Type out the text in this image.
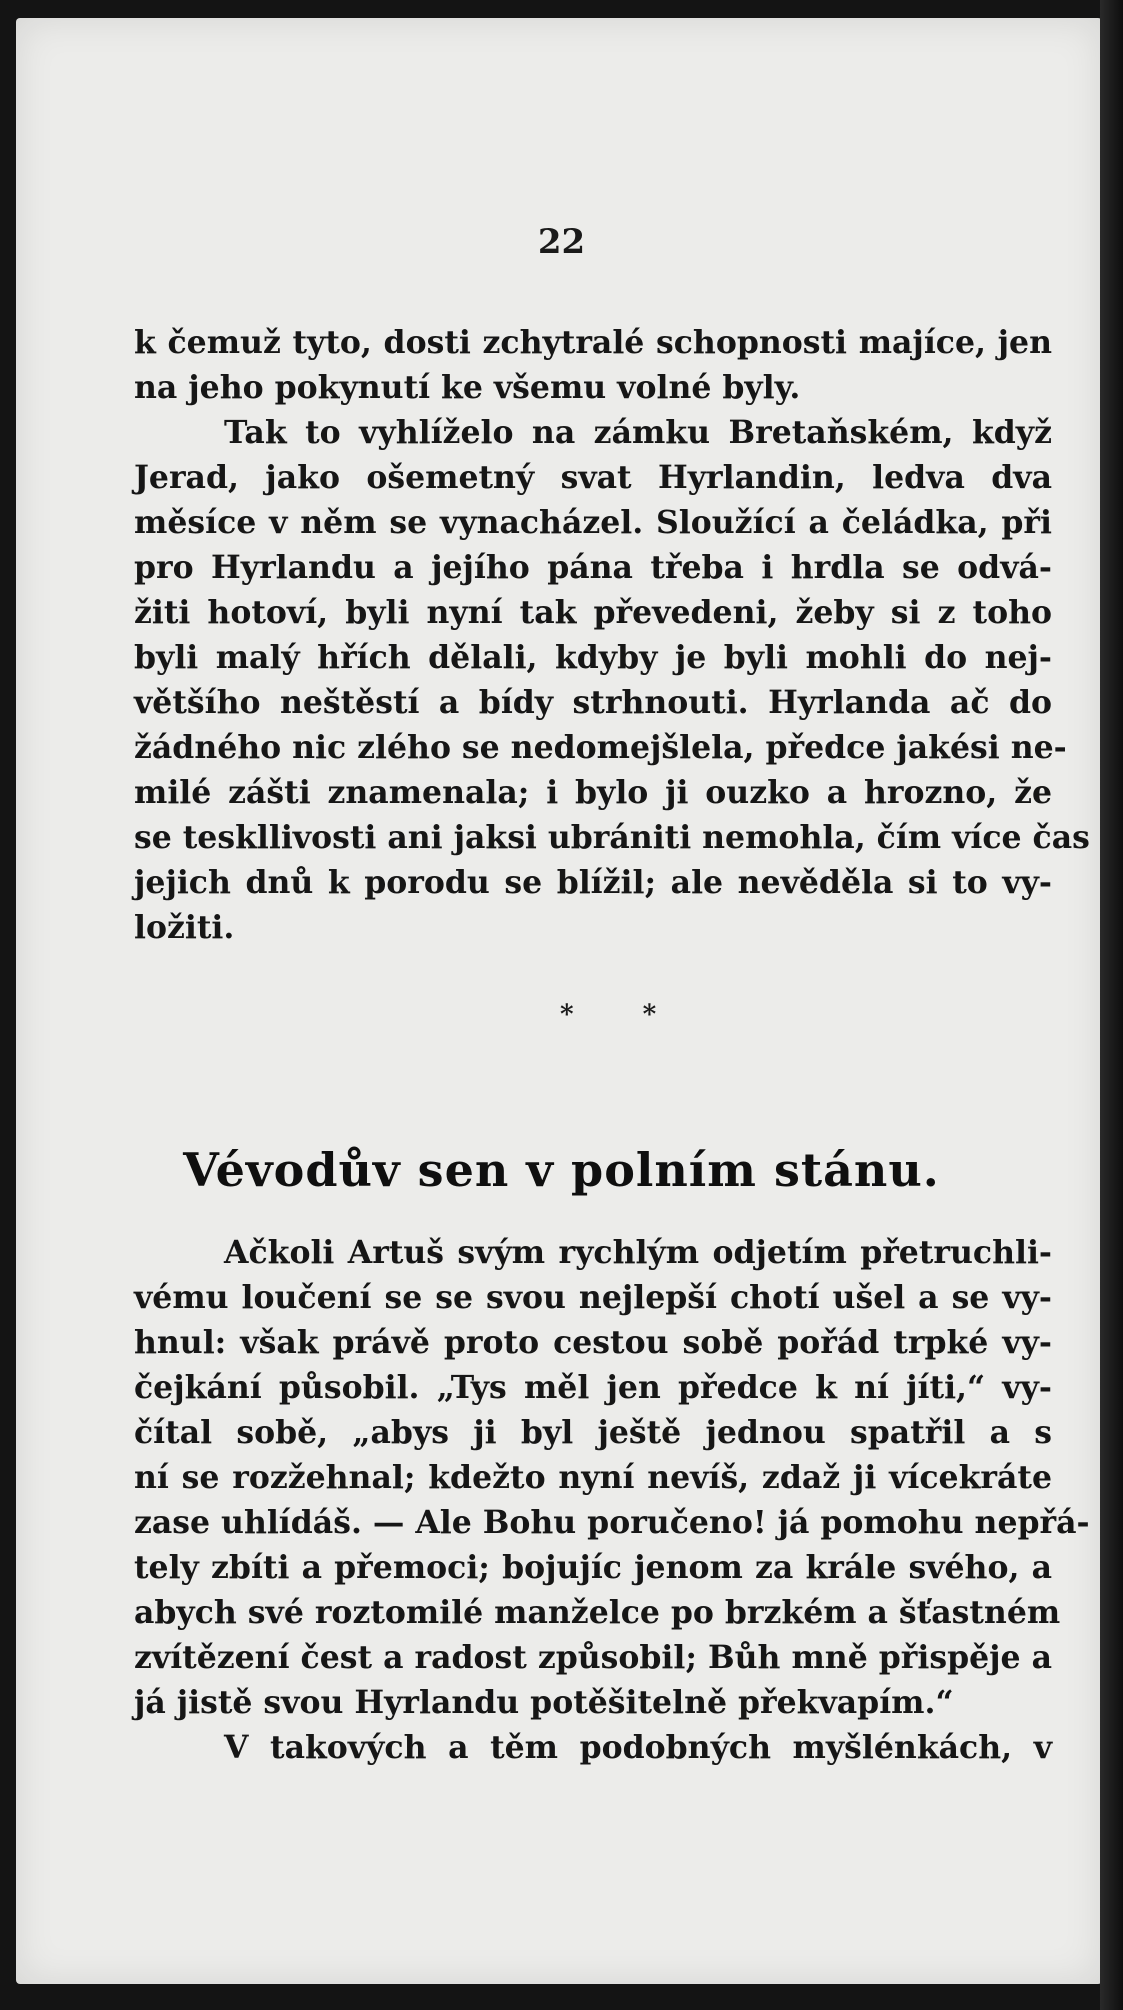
22
k čemuž tyto, dosti zchytralé schopnosti majíce, jen
na jeho pokynutí ke všemu volné byly.
Tak to vyhlíželo na zámku Bretaňském, když
Jerad, jako ošemetný svat Hyrlandin, ledva dva
měsíce v něm se vynacházel. Sloužící a čeládka, při
pro Hyrlandu a jejího pána třeba i hrdla se odvá-
žiti hotoví, byli nyní tak převedeni, žeby si z toho
byli malý hřích dělali, kdyby je byli mohli do nej-
většího neštěstí a bídy strhnouti. Hyrlanda ač do
žádného nic zlého se nedomejšlela, předce jakési ne-
milé zášti znamenala; i bylo ji ouzko a hrozno, že
se teskllivosti ani jaksi ubrániti nemohla, čím více čas
jejich dnů k porodu se blížil; ale nevěděla si to vy-
ložiti.
* *
Vévodův sen v polním stánu.
Ačkoli Artuš svým rychlým odjetím přetruchli-
vému loučení se se svou nejlepší chotí ušel a se vy-
hnul: však právě proto cestou sobě pořád trpké vy-
čejkání působil. „Tys měl jen předce k ní jíti,“ vy-
čítal sobě, „abys ji byl ještě jednou spatřil a s
ní se rozžehnal; kdežto nyní nevíš, zdaž ji vícekráte
zase uhlídáš. — Ale Bohu poručeno! já pomohu nepřá-
tely zbíti a přemoci; bojujíc jenom za krále svého, a
abych své roztomilé manželce po brzkém a šťastném
zvítězení čest a radost způsobil; Bůh mně přispěje a
já jistě svou Hyrlandu potěšitelně překvapím.“
V takových a těm podobných myšlénkách, v
